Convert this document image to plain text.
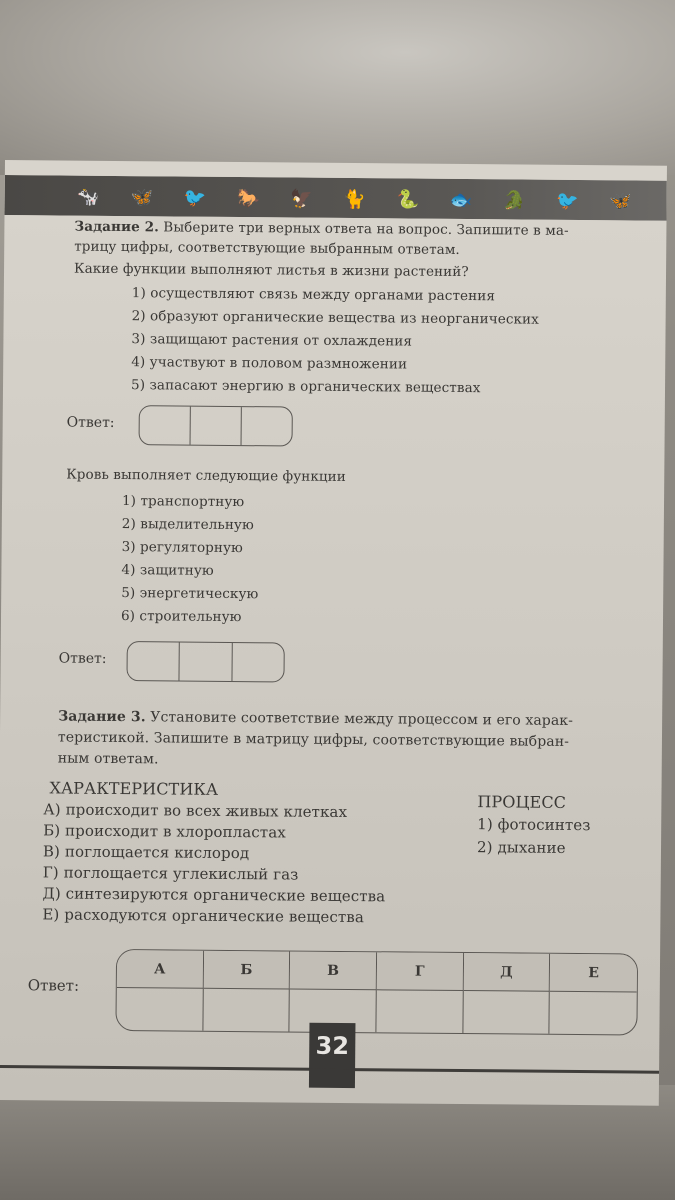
🐄 🦋 🐦 🐎 🦅 🐈 🐍 🐟 🐊 🐦 🦋
Задание 2. Выберите три верных ответа на вопрос. Запишите в ма-
трицу цифры, соответствующие выбранным ответам.
Какие функции выполняют листья в жизни растений?
1) осуществляют связь между органами растения
2) образуют органические вещества из неорганических
3) защищают растения от охлаждения
4) участвуют в половом размножении
5) запасают энергию в органических веществах
Ответ:
Кровь выполняет следующие функции
1) транспортную
2) выделительную
3) регуляторную
4) защитную
5) энергетическую
6) строительную
Ответ:
Задание 3. Установите соответствие между процессом и его харак-
теристикой. Запишите в матрицу цифры, соответствующие выбран-
ным ответам.
ХАРАКТЕРИСТИКА
А) происходит во всех живых клетках
Б) происходит в хлоропластах
В) поглощается кислород
Г) поглощается углекислый газ
Д) синтезируются органические вещества
Е) расходуются органические вещества
ПРОЦЕСС
1) фотосинтез
2) дыхание
Ответ:
А	Б	В	Г	Д	Е
32
